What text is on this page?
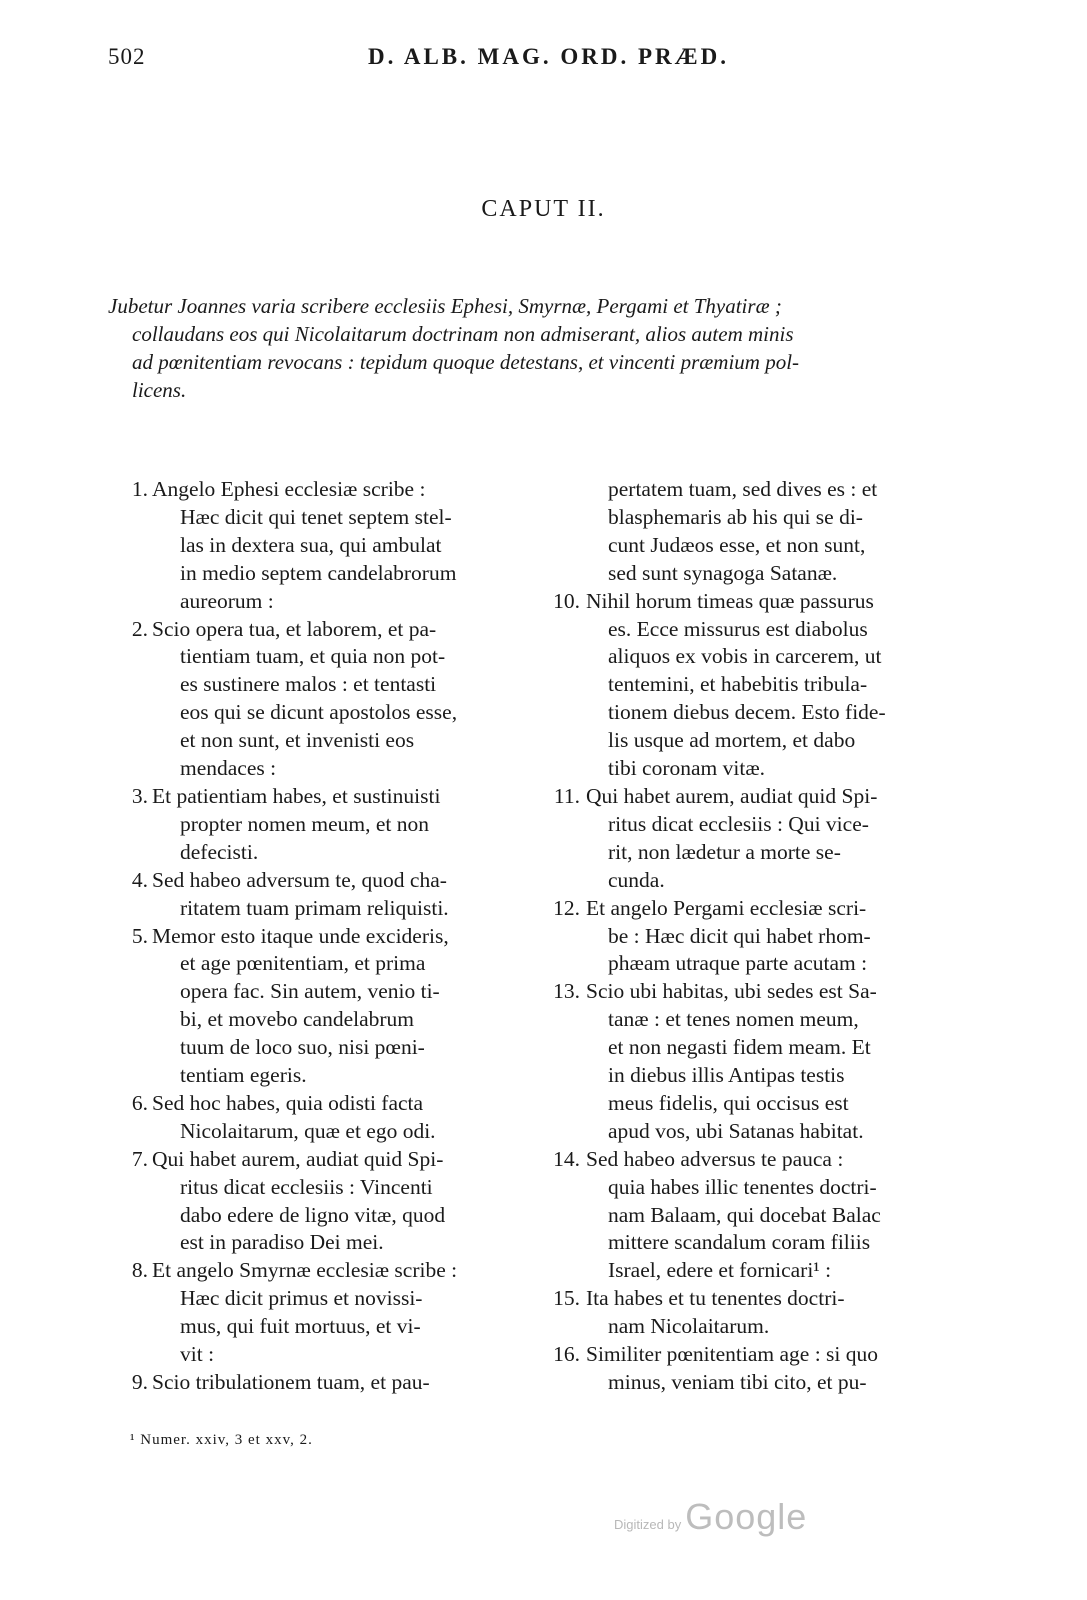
502	D. ALB. MAG. ORD. PRÆD.
CAPUT II.
Jubetur Joannes varia scribere ecclesiis Ephesi, Smyrnæ, Pergami et Thyatiræ ;
collaudans eos qui Nicolaitarum doctrinam non admiserant, alios autem minis
ad pœnitentiam revocans : tepidum quoque detestans, et vincenti præmium pol-
licens.
1. Angelo Ephesi ecclesiæ scribe :
Hæc dicit qui tenet septem stel-
las in dextera sua, qui ambulat
in medio septem candelabrorum
aureorum :
2. Scio opera tua, et laborem, et pa-
tientiam tuam, et quia non pot-
es sustinere malos : et tentasti
eos qui se dicunt apostolos esse,
et non sunt, et invenisti eos
mendaces :
3. Et patientiam habes, et sustinuisti
propter nomen meum, et non
defecisti.
4. Sed habeo adversum te, quod cha-
ritatem tuam primam reliquisti.
5. Memor esto itaque unde excideris,
et age pœnitentiam, et prima
opera fac. Sin autem, venio ti-
bi, et movebo candelabrum
tuum de loco suo, nisi pœni-
tentiam egeris.
6. Sed hoc habes, quia odisti facta
Nicolaitarum, quæ et ego odi.
7. Qui habet aurem, audiat quid Spi-
ritus dicat ecclesiis : Vincenti
dabo edere de ligno vitæ, quod
est in paradiso Dei mei.
8. Et angelo Smyrnæ ecclesiæ scribe :
Hæc dicit primus et novissi-
mus, qui fuit mortuus, et vi-
vit :
9. Scio tribulationem tuam, et pau-
pertatem tuam, sed dives es : et
blasphemaris ab his qui se di-
cunt Judæos esse, et non sunt,
sed sunt synagoga Satanæ.
10. Nihil horum timeas quæ passurus
es. Ecce missurus est diabolus
aliquos ex vobis in carcerem, ut
tentemini, et habebitis tribula-
tionem diebus decem. Esto fide-
lis usque ad mortem, et dabo
tibi coronam vitæ.
11. Qui habet aurem, audiat quid Spi-
ritus dicat ecclesiis : Qui vice-
rit, non lædetur a morte se-
cunda.
12. Et angelo Pergami ecclesiæ scri-
be : Hæc dicit qui habet rhom-
phæam utraque parte acutam :
13. Scio ubi habitas, ubi sedes est Sa-
tanæ : et tenes nomen meum,
et non negasti fidem meam. Et
in diebus illis Antipas testis
meus fidelis, qui occisus est
apud vos, ubi Satanas habitat.
14. Sed habeo adversus te pauca :
quia habes illic tenentes doctri-
nam Balaam, qui docebat Balac
mittere scandalum coram filiis
Israel, edere et fornicari¹ :
15. Ita habes et tu tenentes doctri-
nam Nicolaitarum.
16. Similiter pœnitentiam age : si quo
minus, veniam tibi cito, et pu-
¹ Numer. xxiv, 3 et xxv, 2.
Digitized by Google
